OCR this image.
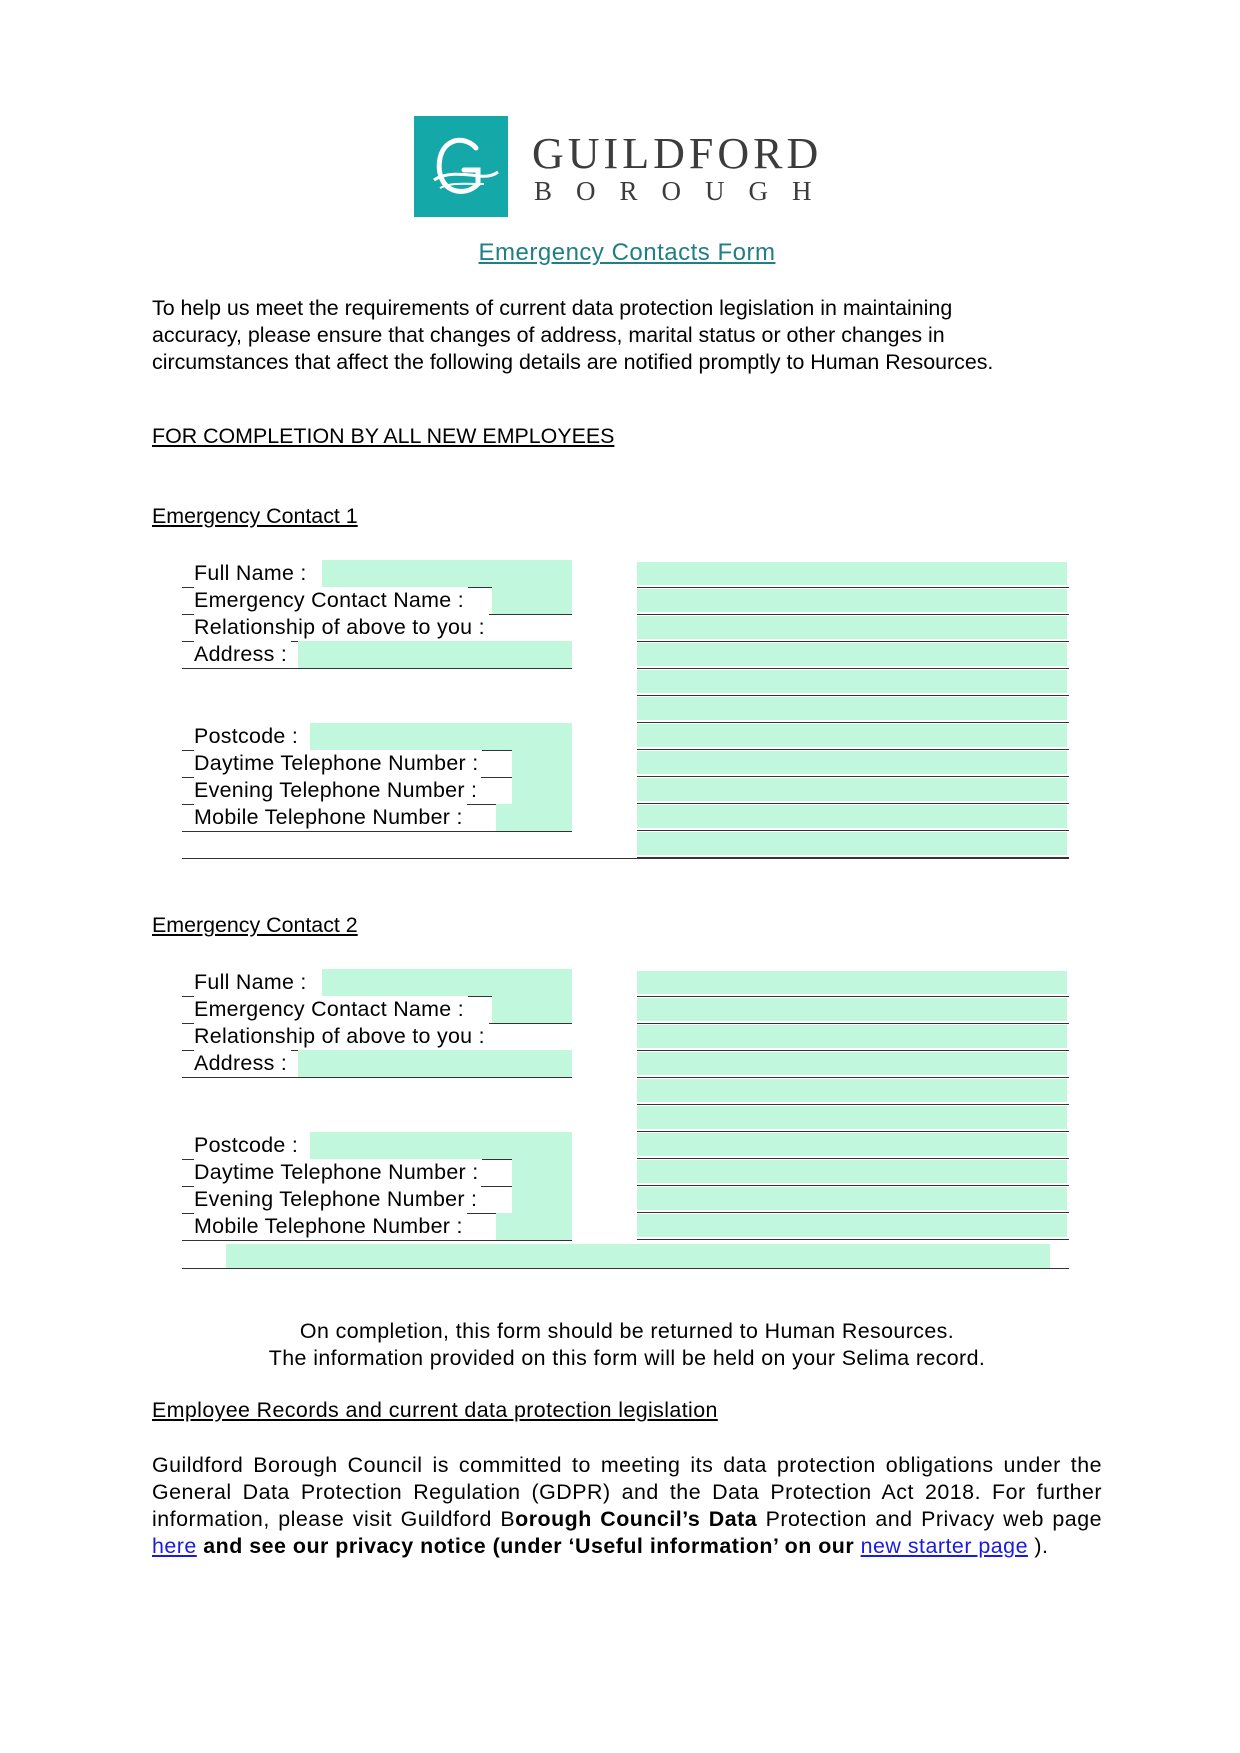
GUILDFORD
BOROUGH
Emergency Contacts Form

To help us meet the requirements of current data protection legislation in maintaining

accuracy, please ensure that changes of address, marital status or other changes in

circumstances that affect the following details are notified promptly to Human Resources.

FOR COMPLETION BY ALL NEW EMPLOYEES
Emergency Contact 1
Full Name :
Emergency Contact Name :
Relationship of above to you :
Address :
Postcode :
Daytime Telephone Number :
Evening Telephone Number :
Mobile Telephone Number :
Emergency Contact 2
Full Name :
Emergency Contact Name :
Relationship of above to you :
Address :
Postcode :
Daytime Telephone Number :
Evening Telephone Number :
Mobile Telephone Number :

On completion, this form should be returned to Human Resources.

The information provided on this form will be held on your Selima record.

Employee Records and current data protection legislation
Guildford Borough Council is committed to meeting its data protection obligations under the General Data Protection Regulation (GDPR) and the Data Protection Act 2018. For further information, please visit Guildford Borough Council’s Data Protection and Privacy web page here and see our privacy notice (under ‘Useful information’ on our new starter page ).
